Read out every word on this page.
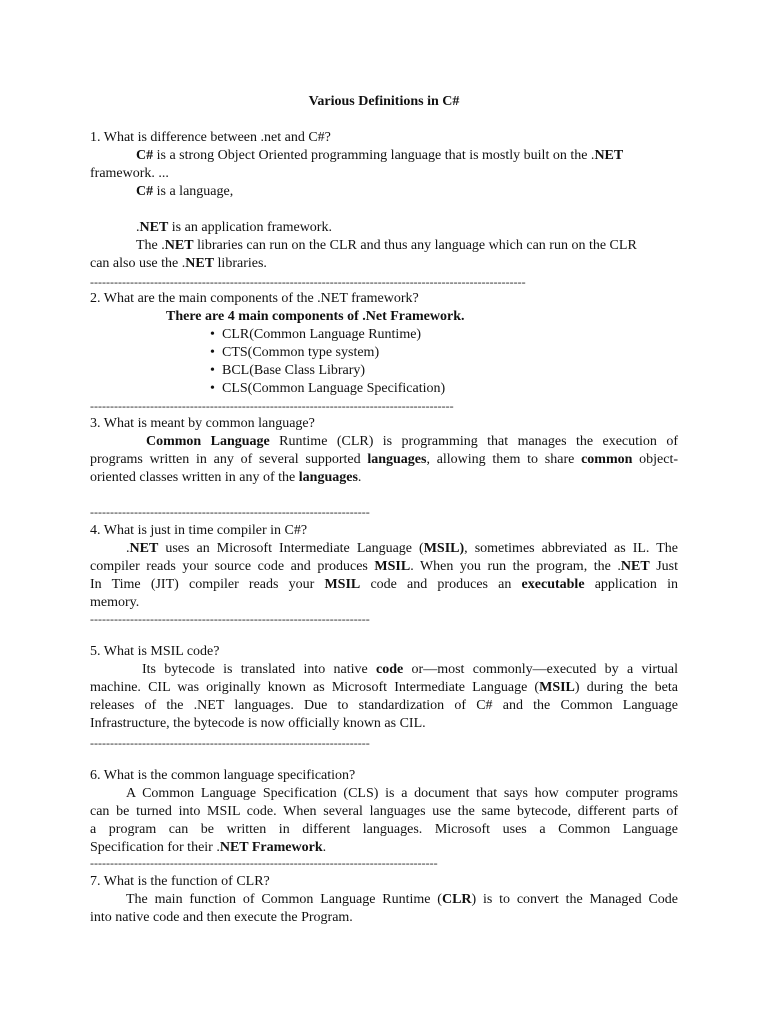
Various Definitions in C#
1. What is difference between .net and C#?
C# is a strong Object Oriented programming language that is mostly built on the .NET
framework. ...
C# is a language,
.NET is an application framework.
The .NET libraries can run on the CLR and thus any language which can run on the CLR
can also use the .NET libraries.
-------------------------------------------------------------------------------------------------------------
2. What are the main components of the .NET framework?
There are 4 main components of .Net Framework.
• CLR(Common Language Runtime)
• CTS(Common type system)
• BCL(Base Class Library)
• CLS(Common Language Specification)
-------------------------------------------------------------------------------------------
3. What is meant by common language?
Common Language Runtime (CLR) is programming that manages the execution of
programs written in any of several supported languages, allowing them to share common object-
oriented classes written in any of the languages.
----------------------------------------------------------------------
4. What is just in time compiler in C#?
.NET uses an Microsoft Intermediate Language (MSIL), sometimes abbreviated as IL. The
compiler reads your source code and produces MSIL. When you run the program, the .NET Just
In Time (JIT) compiler reads your MSIL code and produces an executable application in
memory.
----------------------------------------------------------------------
5. What is MSIL code?
Its bytecode is translated into native code or—most commonly—executed by a virtual
machine. CIL was originally known as Microsoft Intermediate Language (MSIL) during the beta
releases of the .NET languages. Due to standardization of C# and the Common Language
Infrastructure, the bytecode is now officially known as CIL.
----------------------------------------------------------------------
6. What is the common language specification?
A Common Language Specification (CLS) is a document that says how computer programs
can be turned into MSIL code. When several languages use the same bytecode, different parts of
a program can be written in different languages. Microsoft uses a Common Language
Specification for their .NET Framework.
---------------------------------------------------------------------------------------
7. What is the function of CLR?
The main function of Common Language Runtime (CLR) is to convert the Managed Code
into native code and then execute the Program.
